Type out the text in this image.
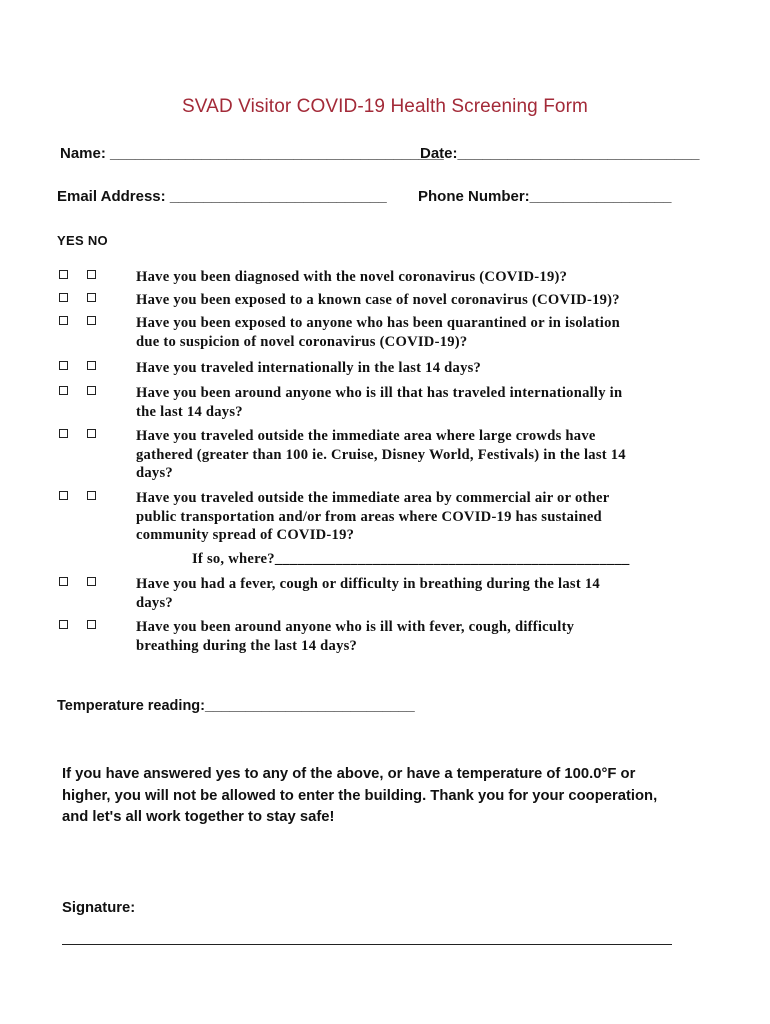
SVAD Visitor COVID-19 Health Screening Form
Name: ________________________________________
Date:_____________________________
Email Address: __________________________ Phone Number:_________________
YES NO
Have you been diagnosed with the novel coronavirus (COVID-19)?
Have you been exposed to a known case of novel coronavirus (COVID-19)?
Have you been exposed to anyone who has been quarantined or in isolation
due to suspicion of novel coronavirus (COVID-19)?
Have you traveled internationally in the last 14 days?
Have you been around anyone who is ill that has traveled internationally in
the last 14 days?
Have you traveled outside the immediate area where large crowds have
gathered (greater than 100 ie. Cruise, Disney World, Festivals) in the last 14
days?
Have you traveled outside the immediate area by commercial air or other
public transportation and/or from areas where COVID-19 has sustained
community spread of COVID-19?
Have you had a fever, cough or difficulty in breathing during the last 14
days?
Have you been around anyone who is ill with fever, cough, difficulty
breathing during the last 14 days?
If so, where?_______________________________________________
Temperature reading:__________________________
If you have answered yes to any of the above, or have a temperature of 100.0°F or
higher, you will not be allowed to enter the building. Thank you for your cooperation,
and let's all work together to stay safe!
Signature:
